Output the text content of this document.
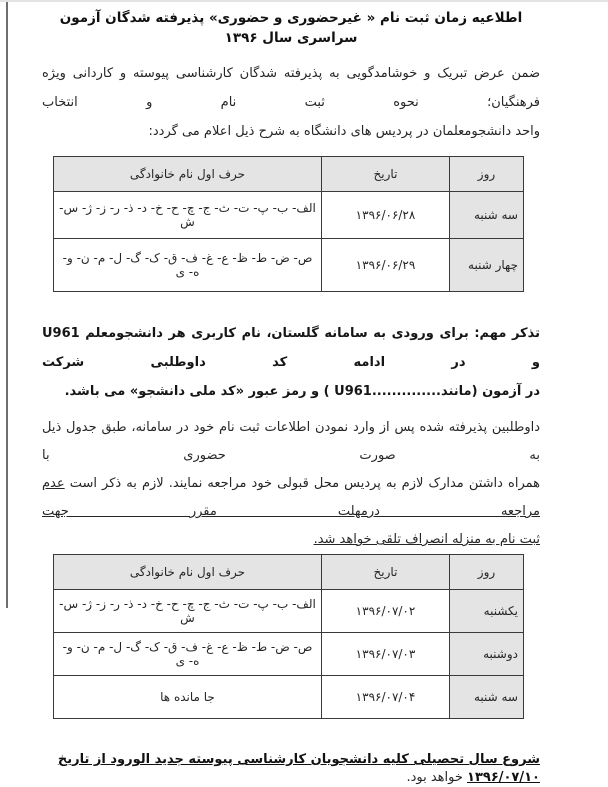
اطلاعیه زمان ثبت نام « غیرحضوری و حضوری» پذیرفته شدگان آزمون سراسری سال ۱۳۹۶

ضمن عرض تبریک و خوشامدگویی به پذیرفته شدگان کارشناسی پیوسته و کاردانی ویژه فرهنگیان؛ نحوه ثبت نام و انتخاب
واحد دانشجومعلمان در پردیس های دانشگاه به شرح ذیل اعلام می گردد:

روز	تاریخ	حرف اول نام خانوادگی
سه شنبه	۱۳۹۶/۰۶/۲۸	الف- ب- پ- ت- ث- ج- چ- ح- خ- د- ذ- ر- ز- ژ- س- ش
چهار شنبه	۱۳۹۶/۰۶/۲۹	ص- ض- ط- ظ- ع- غ- ف- ق- ک- گ- ل- م- ن- و- ه- ی

تذکر مهم: برای ورودی به سامانه گلستان، نام کاربری هر دانشجومعلم U961 و در ادامه کد داوطلبی شرکت
در آزمون (مانند..............U961 ) و رمز عبور «کد ملی دانشجو» می باشد.

داوطلبین پذیرفته شده پس از وارد نمودن اطلاعات ثبت نام خود در سامانه، طبق جدول ذیل به صورت حضوری با
همراه داشتن مدارک لازم به پردیس محل قبولی خود مراجعه نمایند. لازم به ذکر است عدم مراجعه درمهلت مقرر جهت
ثبت نام به منزله انصراف تلقی خواهد شد.

روز	تاریخ	حرف اول نام خانوادگی
یکشنبه	۱۳۹۶/۰۷/۰۲	الف- ب- پ- ت- ث- ج- چ- ح- خ- د- ذ- ر- ز- ژ- س- ش
دوشنبه	۱۳۹۶/۰۷/۰۳	ص- ض- ط- ظ- ع- غ- ف- ق- ک- گ- ل- م- ن- و- ه- ی
سه شنبه	۱۳۹۶/۰۷/۰۴	جا مانده ها

شروع سال تحصیلی کلیه دانشجویان کارشناسی پیوسته جدید الورود از تاریخ ۱۳۹۶/۰۷/۱۰ خواهد بود.
